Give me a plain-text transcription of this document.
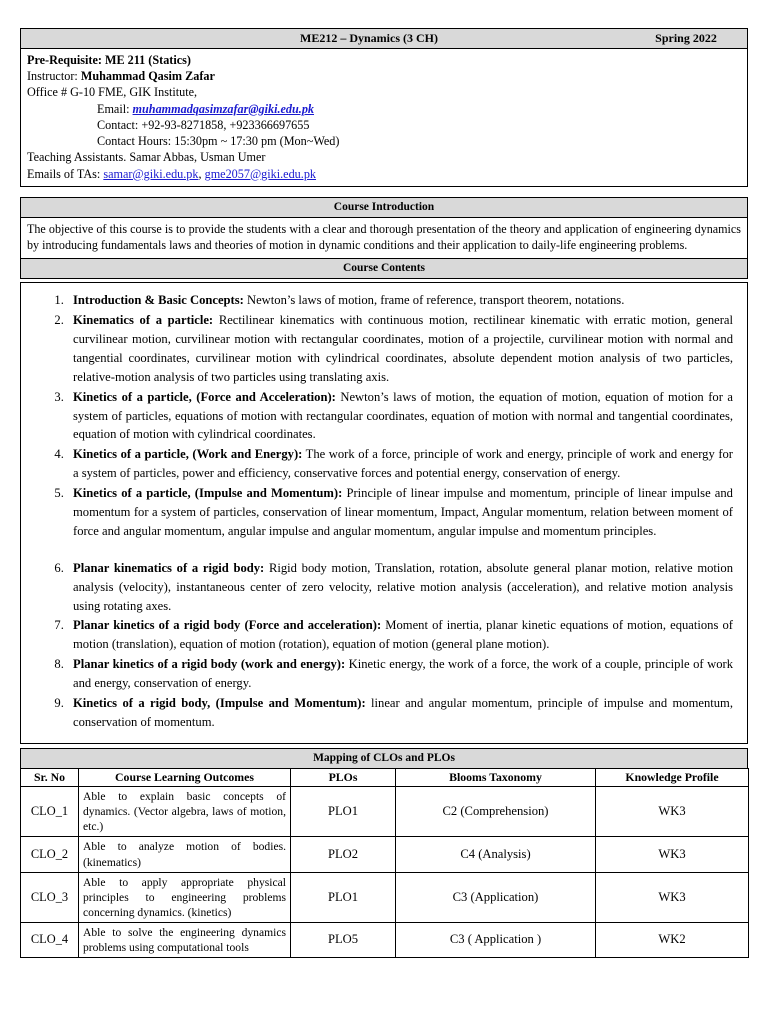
ME212 – Dynamics (3 CH)	Spring 2022
Pre-Requisite: ME 211 (Statics)
Instructor: Muhammad Qasim Zafar
Office # G-10 FME, GIK Institute,
Email: muhammadqasimzafar@giki.edu.pk
Contact: +92-93-8271858, +923366697655
Contact Hours: 15:30pm ~ 17:30 pm (Mon~Wed)
Teaching Assistants. Samar Abbas, Usman Umer
Emails of TAs: samar@giki.edu.pk, gme2057@giki.edu.pk
Course Introduction
The objective of this course is to provide the students with a clear and thorough presentation of the theory and application of engineering dynamics by introducing fundamentals laws and theories of motion in dynamic conditions and their application to daily-life engineering problems.
Course Contents
1. Introduction & Basic Concepts: Newton’s laws of motion, frame of reference, transport theorem, notations.
2. Kinematics of a particle: Rectilinear kinematics with continuous motion, rectilinear kinematic with erratic motion, general curvilinear motion, curvilinear motion with rectangular coordinates, motion of a projectile, curvilinear motion with normal and tangential coordinates, curvilinear motion with cylindrical coordinates, absolute dependent motion analysis of two particles, relative-motion analysis of two particles using translating axis.
3. Kinetics of a particle, (Force and Acceleration): Newton’s laws of motion, the equation of motion, equation of motion for a system of particles, equations of motion with rectangular coordinates, equation of motion with normal and tangential coordinates, equation of motion with cylindrical coordinates.
4. Kinetics of a particle, (Work and Energy): The work of a force, principle of work and energy, principle of work and energy for a system of particles, power and efficiency, conservative forces and potential energy, conservation of energy.
5. Kinetics of a particle, (Impulse and Momentum): Principle of linear impulse and momentum, principle of linear impulse and momentum for a system of particles, conservation of linear momentum, Impact, Angular momentum, relation between moment of force and angular momentum, angular impulse and angular momentum, angular impulse and momentum principles.
6. Planar kinematics of a rigid body: Rigid body motion, Translation, rotation, absolute general planar motion, relative motion analysis (velocity), instantaneous center of zero velocity, relative motion analysis (acceleration), and relative motion analysis using rotating axes.
7. Planar kinetics of a rigid body (Force and acceleration): Moment of inertia, planar kinetic equations of motion, equations of motion (translation), equation of motion (rotation), equation of motion (general plane motion).
8. Planar kinetics of a rigid body (work and energy): Kinetic energy, the work of a force, the work of a couple, principle of work and energy, conservation of energy.
9. Kinetics of a rigid body, (Impulse and Momentum): linear and angular momentum, principle of impulse and momentum, conservation of momentum.
Mapping of CLOs and PLOs
Sr. No	Course Learning Outcomes	PLOs	Blooms Taxonomy	Knowledge Profile
CLO_1	Able to explain basic concepts of dynamics. (Vector algebra, laws of motion, etc.)	PLO1	C2 (Comprehension)	WK3
CLO_2	Able to analyze motion of bodies. (kinematics)	PLO2	C4 (Analysis)	WK3
CLO_3	Able to apply appropriate physical principles to engineering problems concerning dynamics. (kinetics)	PLO1	C3 (Application)	WK3
CLO_4	Able to solve the engineering dynamics problems using computational tools	PLO5	C3 ( Application )	WK2
